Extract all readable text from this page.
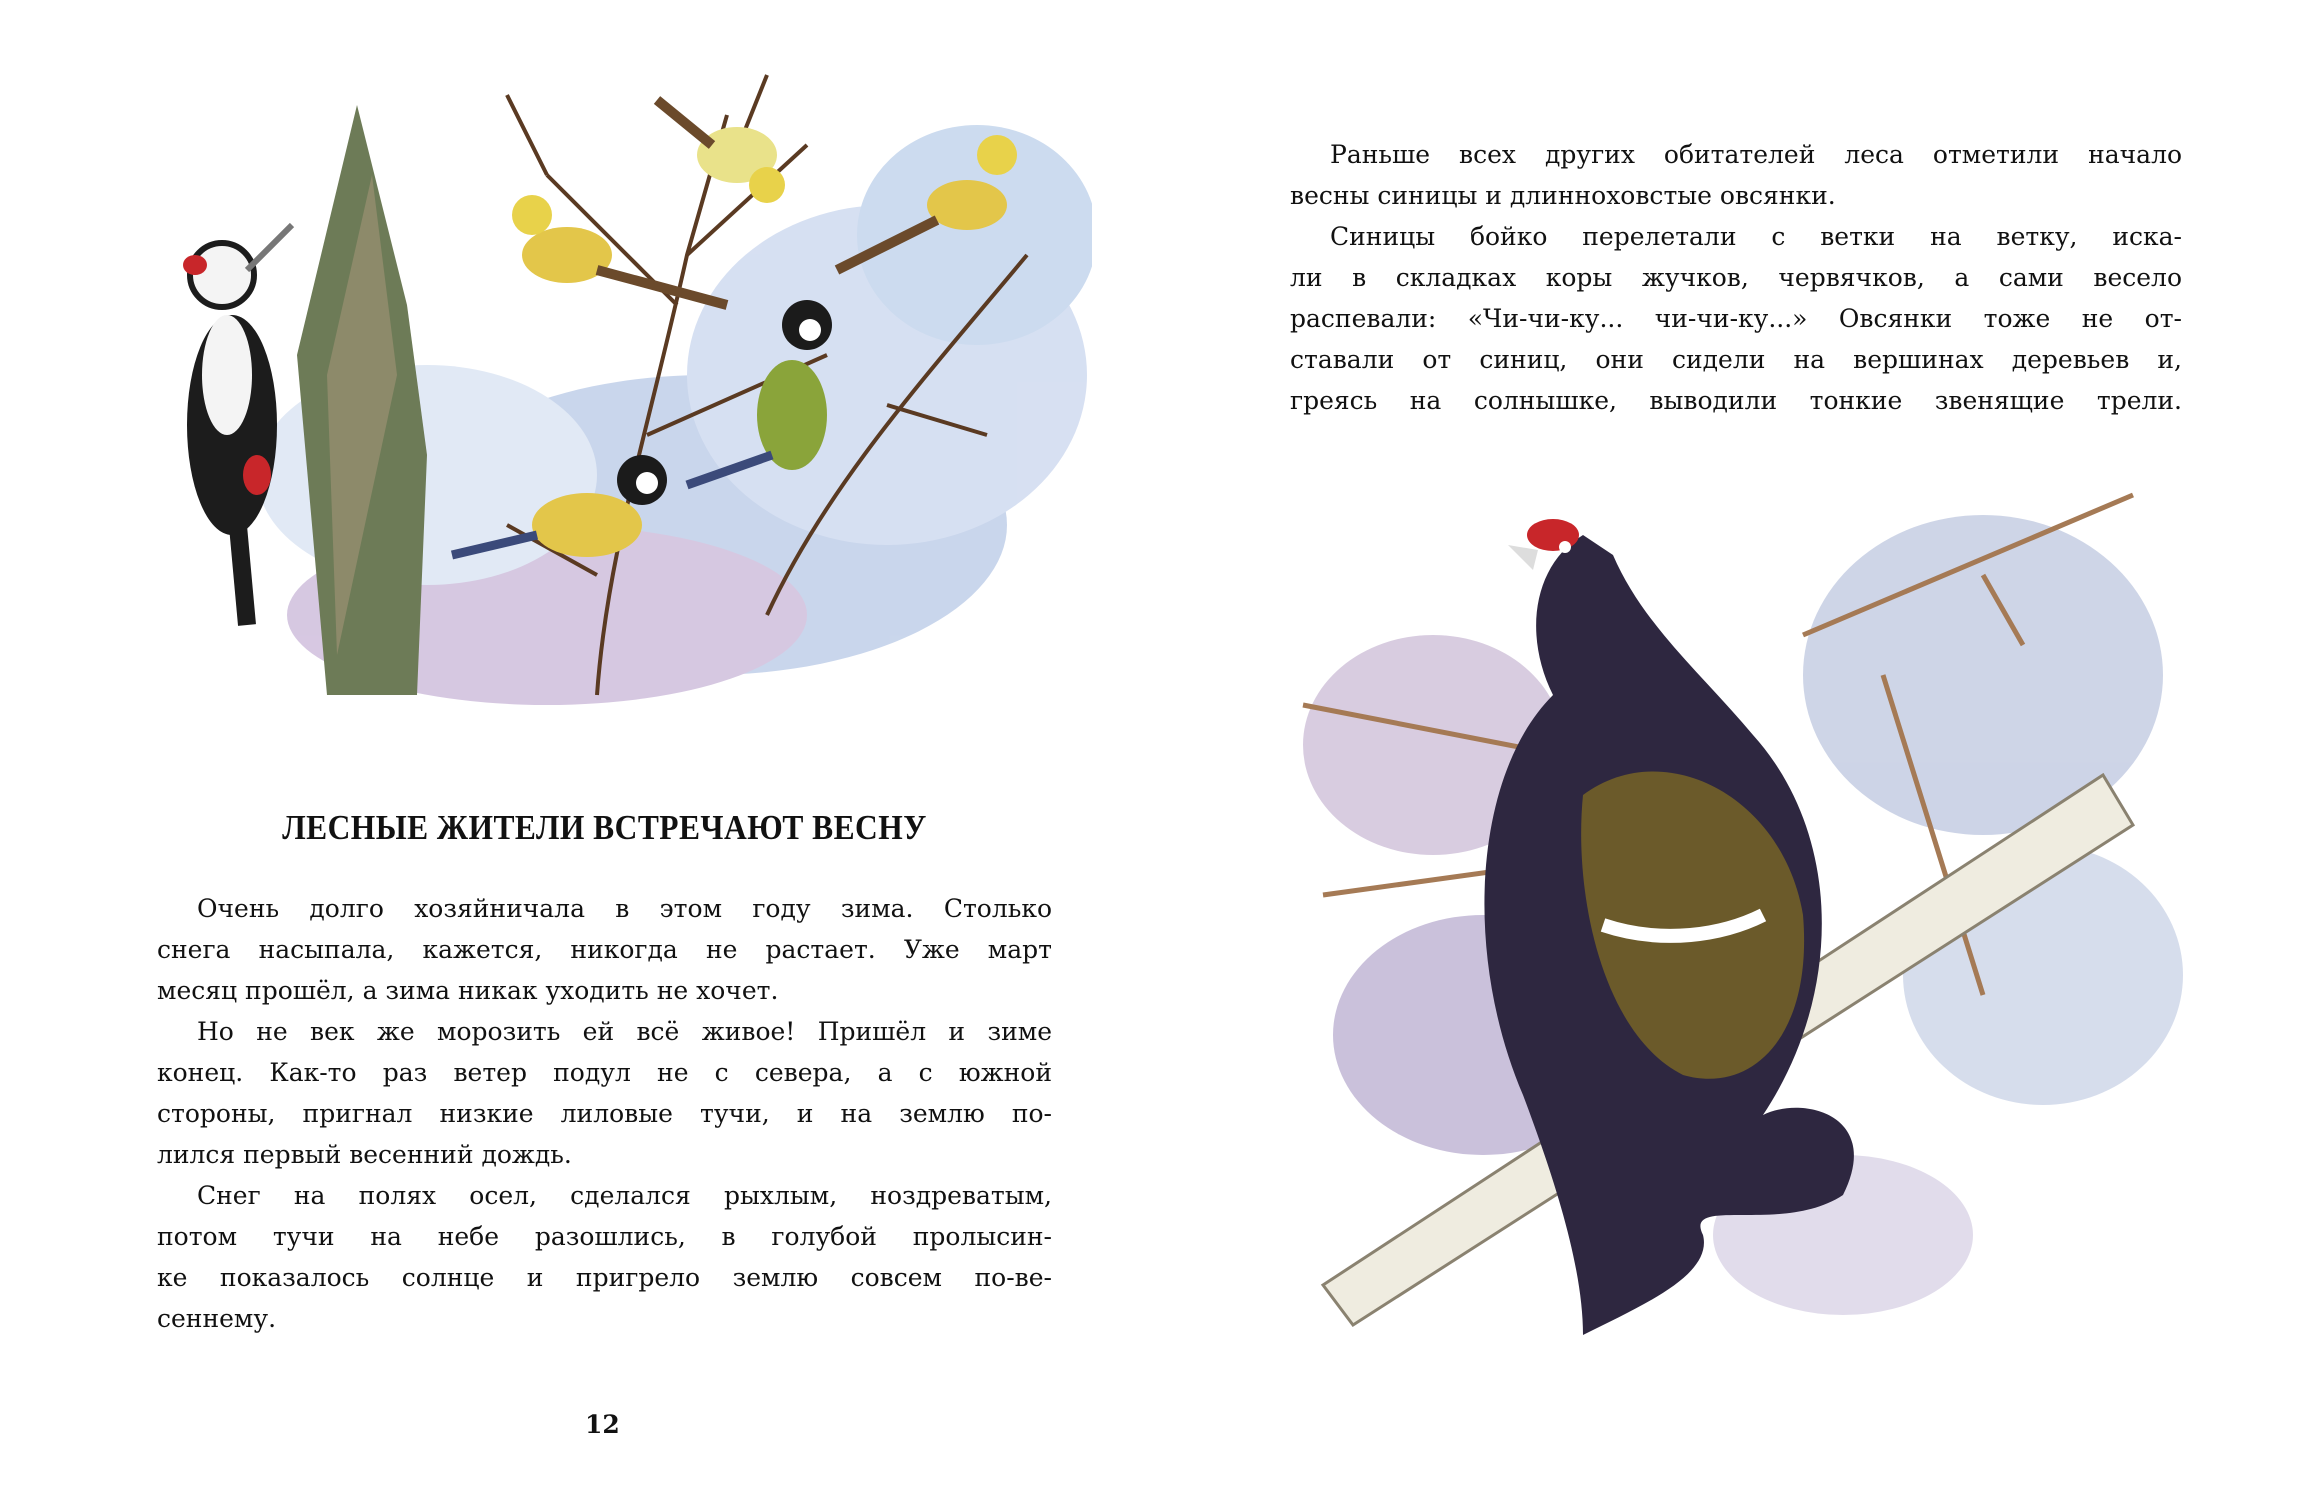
ЛЕСНЫЕ ЖИТЕЛИ ВСТРЕЧАЮТ ВЕСНУ
Очень долго хозяйничала в этом году зима. Столько
снега насыпала, кажется, никогда не растает. Уже март
месяц прошёл, а зима никак уходить не хочет.
Но не век же морозить ей всё живое! Пришёл и зиме
конец. Как-то раз ветер подул не с севера, а с южной
стороны, пригнал низкие лиловые тучи, и на землю по-
лился первый весенний дождь.
Снег на полях осел, сделался рыхлым, ноздреватым,
потом тучи на небе разошлись, в голубой пролысин-
ке показалось солнце и пригрело землю совсем по-ве-
сеннему.
12
Раньше всех других обитателей леса отметили начало
весны синицы и длинноховстые овсянки.
Синицы бойко перелетали с ветки на ветку, иска-
ли в складках коры жучков, червячков, а сами весело
распевали: «Чи-чи-ку... чи-чи-ку...» Овсянки тоже не от-
ставали от синиц, они сидели на вершинах деревьев и,
греясь на солнышке, выводили тонкие звенящие трели.
